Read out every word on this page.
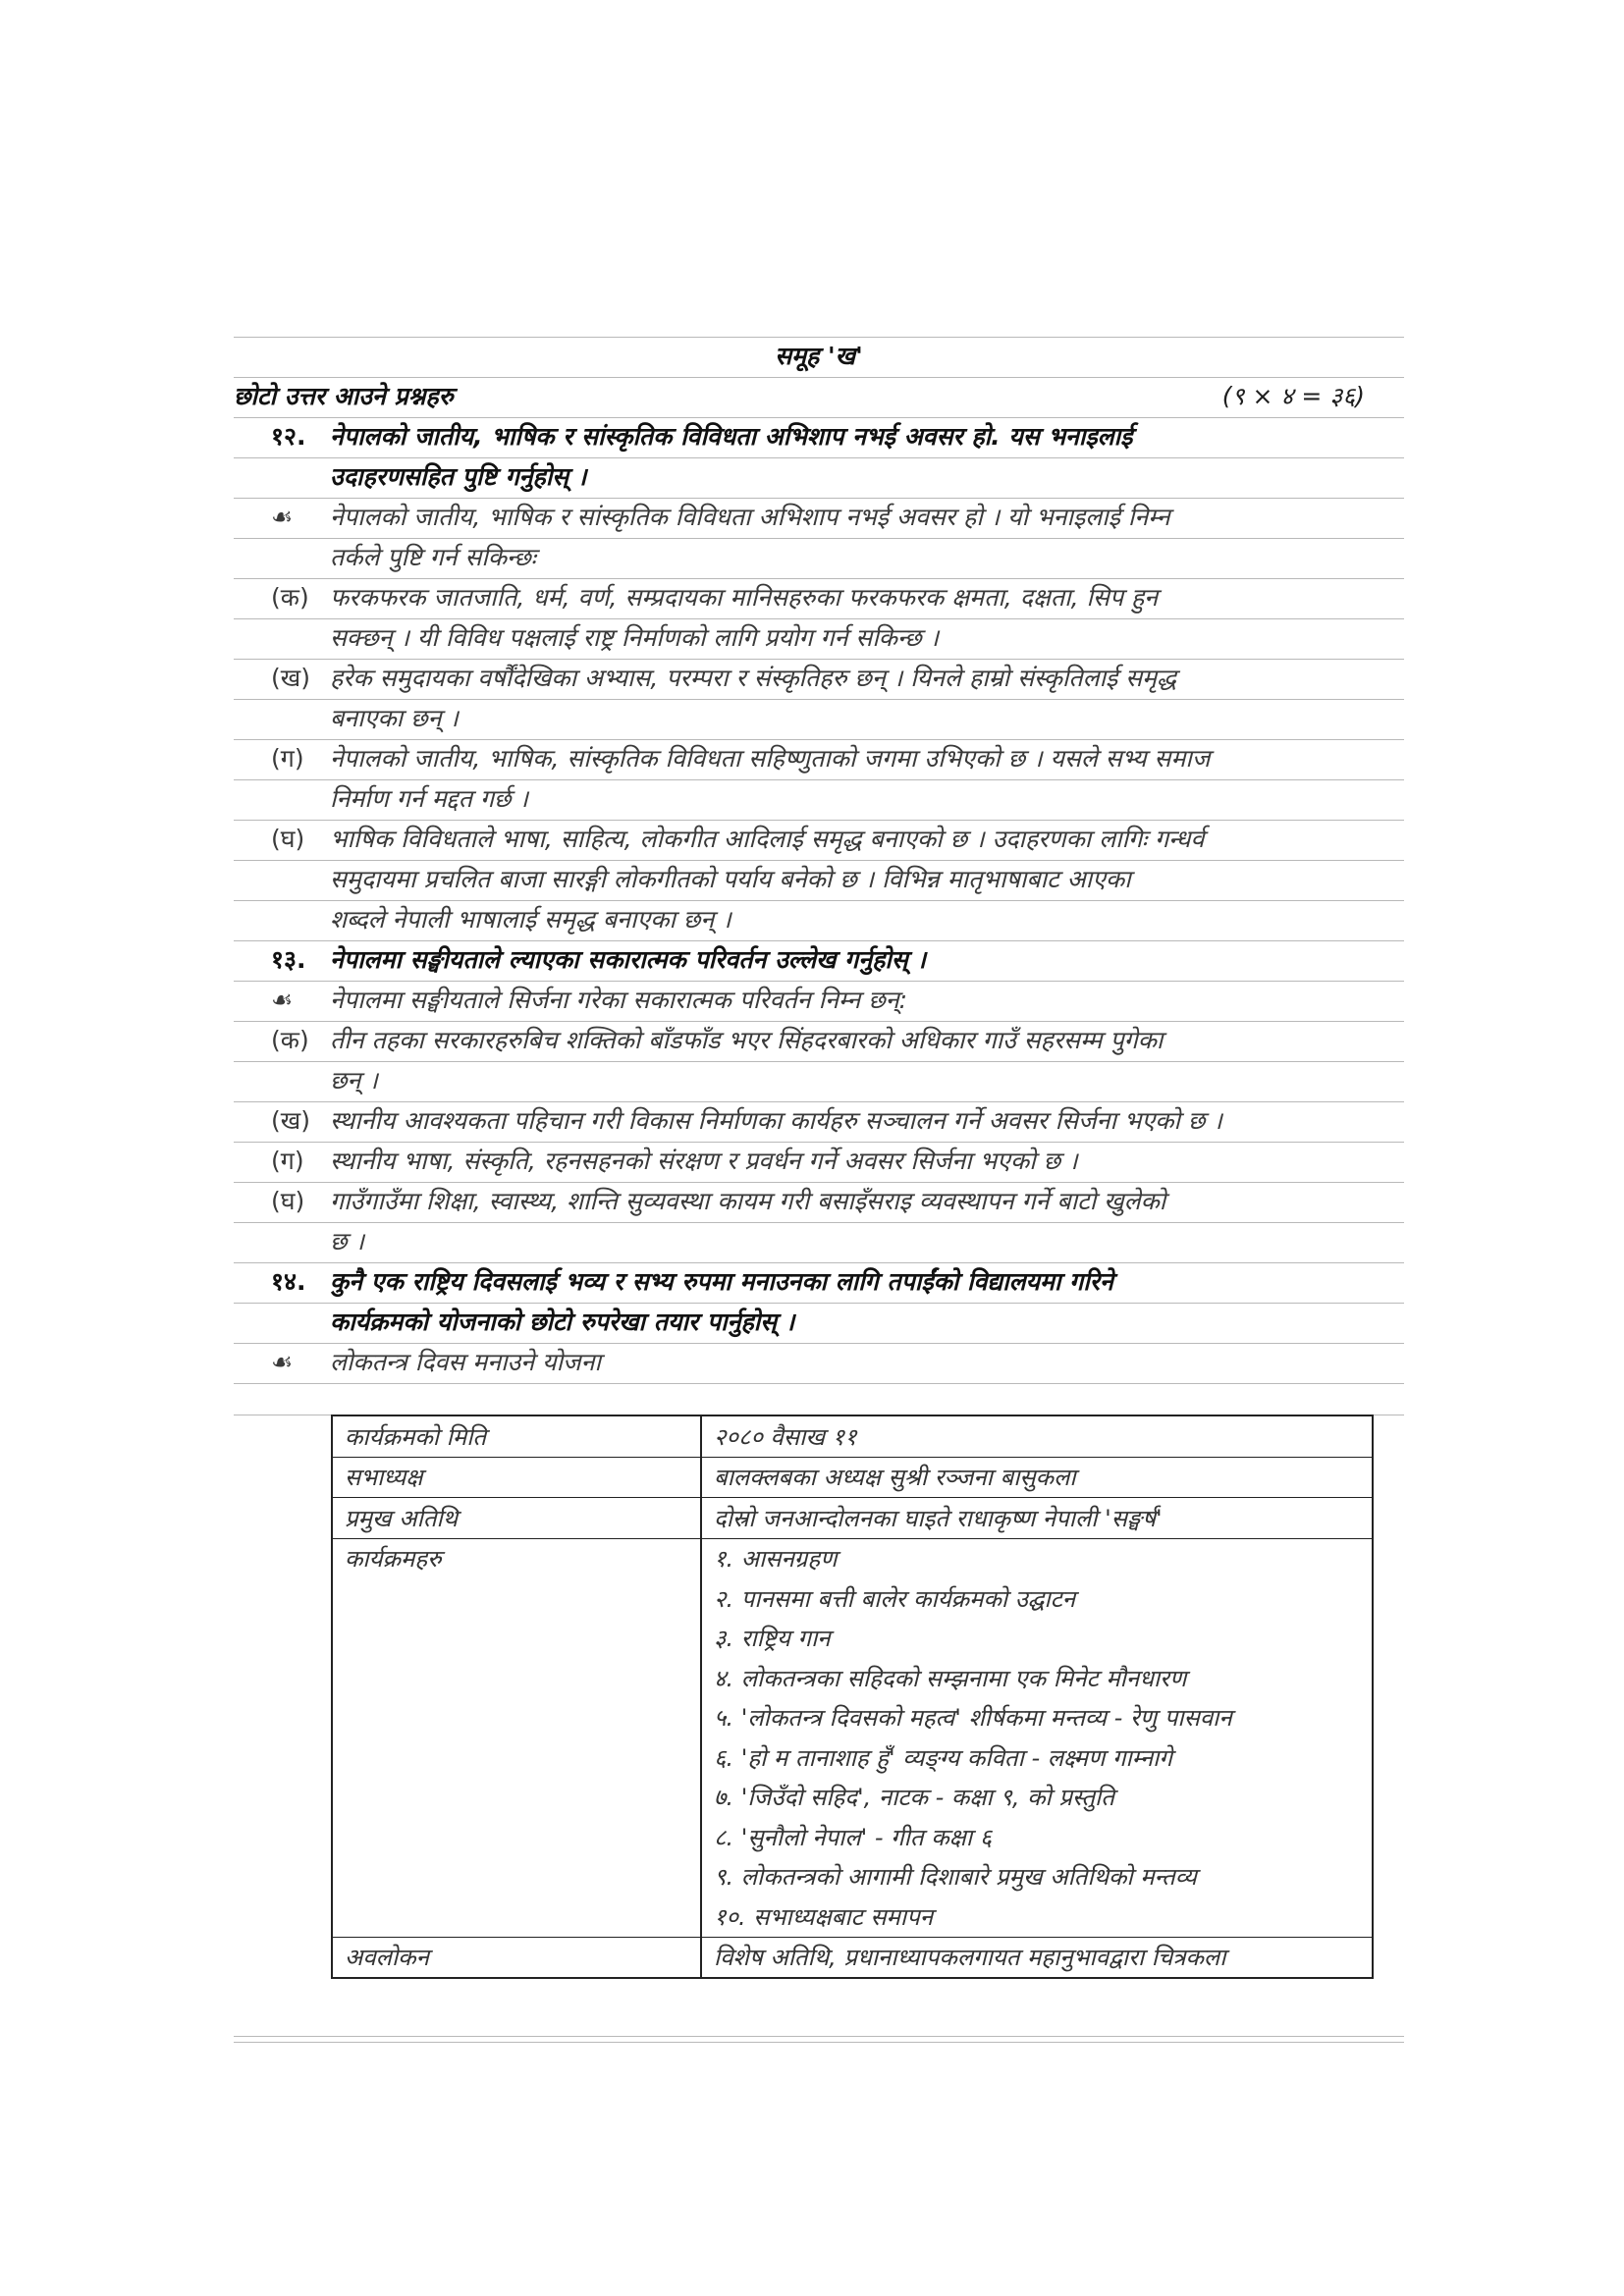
समूह 'ख'
छोटो उत्तर आउने प्रश्नहरु	(९ × ४ = ३६)
१२. नेपालको जातीय, भाषिक र सांस्कृतिक विविधता अभिशाप नभई अवसर हो. यस भनाइलाई
उदाहरणसहित पुष्टि गर्नुहोस् ।
☙	नेपालको जातीय, भाषिक र सांस्कृतिक विविधता अभिशाप नभई अवसर हो । यो भनाइलाई निम्न
तर्कले पुष्टि गर्न सकिन्छः
(क) फरकफरक जातजाति, धर्म, वर्ण, सम्प्रदायका मानिसहरुका फरकफरक क्षमता, दक्षता, सिप हुन
सक्छन् । यी विविध पक्षलाई राष्ट्र निर्माणको लागि प्रयोग गर्न सकिन्छ ।
(ख) हरेक समुदायका वर्षौंदेखिका अभ्यास, परम्परा र संस्कृतिहरु छन् । यिनले हाम्रो संस्कृतिलाई समृद्ध
बनाएका छन् ।
(ग)	नेपालको जातीय, भाषिक, सांस्कृतिक विविधता सहिष्णुताको जगमा उभिएको छ । यसले सभ्य समाज
निर्माण गर्न मद्दत गर्छ ।
(घ)	भाषिक विविधताले भाषा, साहित्य, लोकगीत आदिलाई समृद्ध बनाएको छ । उदाहरणका लागिः गन्धर्व
समुदायमा प्रचलित बाजा सारङ्गी लोकगीतको पर्याय बनेको छ । विभिन्न मातृभाषाबाट आएका
शब्दले नेपाली भाषालाई समृद्ध बनाएका छन् ।
१३. नेपालमा सङ्घीयताले ल्याएका सकारात्मक परिवर्तन उल्लेख गर्नुहोस् ।
☙	नेपालमा सङ्घीयताले सिर्जना गरेका सकारात्मक परिवर्तन निम्न छन्:
(क) तीन तहका सरकारहरुबिच शक्तिको बाँडफाँड भएर सिंहदरबारको अधिकार गाउँ सहरसम्म पुगेका
छन् ।
(ख) स्थानीय आवश्यकता पहिचान गरी विकास निर्माणका कार्यहरु सञ्चालन गर्ने अवसर सिर्जना भएको छ ।
(ग)	स्थानीय भाषा, संस्कृति, रहनसहनको संरक्षण र प्रवर्धन गर्ने अवसर सिर्जना भएको छ ।
(घ)	गाउँगाउँमा शिक्षा, स्वास्थ्य, शान्ति सुव्यवस्था कायम गरी बसाइँसराइ व्यवस्थापन गर्ने बाटो खुलेको
छ ।
१४. कुनै एक राष्ट्रिय दिवसलाई भव्य र सभ्य रुपमा मनाउनका लागि तपाईंको विद्यालयमा गरिने
कार्यक्रमको योजनाको छोटो रुपरेखा तयार पार्नुहोस् ।
☙	लोकतन्त्र दिवस मनाउने योजना
कार्यक्रमको मिति	२०८० वैसाख ११
सभाध्यक्ष	बालक्लबका अध्यक्ष सुश्री रञ्जना बासुकला
प्रमुख अतिथि	दोस्रो जनआन्दोलनका घाइते राधाकृष्ण नेपाली 'सङ्घर्ष'
कार्यक्रमहरु	१. आसनग्रहण
	२. पानसमा बत्ती बालेर कार्यक्रमको उद्घाटन
	३. राष्ट्रिय गान
	४. लोकतन्त्रका सहिदको सम्झनामा एक मिनेट मौनधारण
	५. 'लोकतन्त्र दिवसको महत्व' शीर्षकमा मन्तव्य - रेणु पासवान
	६. 'हो म तानाशाह हुँ' व्यङ्ग्य कविता - लक्ष्मण गाम्नागे
	७. 'जिउँदो सहिद', नाटक - कक्षा ९, को प्रस्तुति
	८. 'सुनौलो नेपाल' - गीत कक्षा ६
	९. लोकतन्त्रको आगामी दिशाबारे प्रमुख अतिथिको मन्तव्य
	१०. सभाध्यक्षबाट समापन
अवलोकन	विशेष अतिथि, प्रधानाध्यापकलगायत महानुभावद्वारा चित्रकला
